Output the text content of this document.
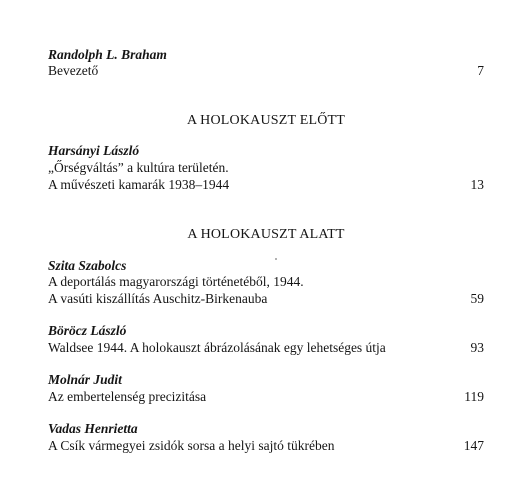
Randolph L. Braham
Bevezető	7
A HOLOKAUSZT ELŐTT
Harsányi László
„Őrségváltás” a kultúra területén.
A művészeti kamarák 1938–1944	13
A HOLOKAUSZT ALATT
Szita Szabolcs
A deportálás magyarországi történetéből, 1944.
A vasúti kiszállítás Auschitz-Birkenauba	59
Böröcz László
Waldsee 1944. A holokauszt ábrázolásának egy lehetséges útja	93
Molnár Judit
Az embertelenség precizitása	119
Vadas Henrietta
A Csík vármegyei zsidók sorsa a helyi sajtó tükrében	147
